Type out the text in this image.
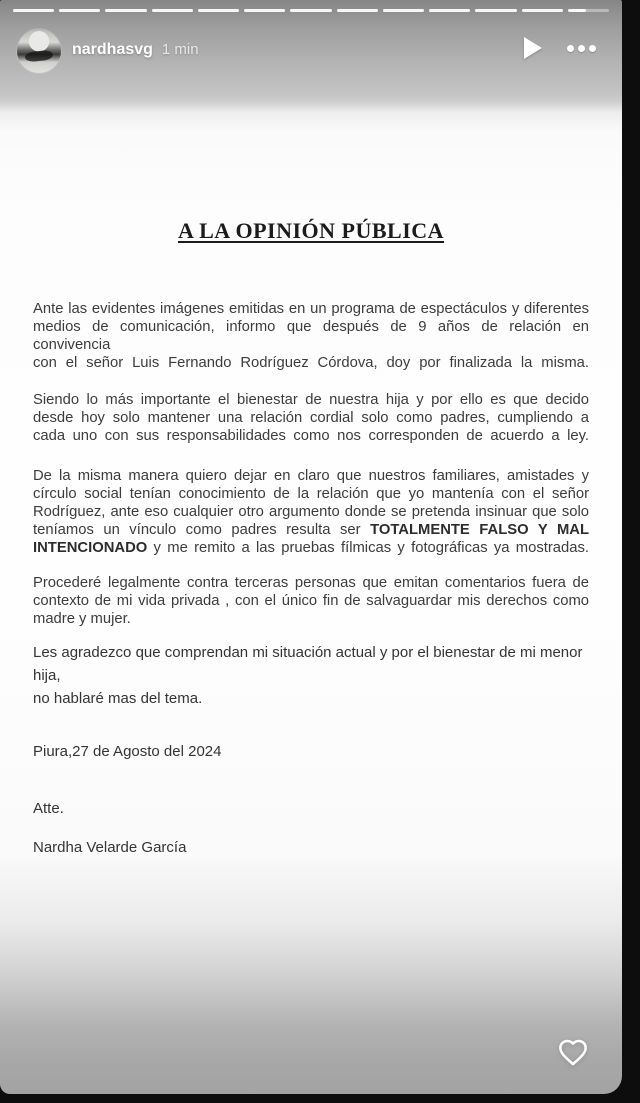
nardhasvg 1 min
A LA OPINIÓN PÚBLICA
Ante las evidentes imágenes emitidas en un programa de espectáculos y diferentes
medios de comunicación, informo que después de 9 años de relación en convivencia
con el señor Luis Fernando Rodríguez Córdova, doy por finalizada la misma.
Siendo lo más importante el bienestar de nuestra hija y por ello es que decido
desde hoy solo mantener una relación cordial solo como padres, cumpliendo a
cada uno con sus responsabilidades como nos corresponden de acuerdo a ley.
De la misma manera quiero dejar en claro que nuestros familiares, amistades y
círculo social tenían conocimiento de la relación que yo mantenía con el señor
Rodríguez, ante eso cualquier otro argumento donde se pretenda insinuar que solo
teníamos un vínculo como padres resulta ser TOTALMENTE FALSO Y MAL
INTENCIONADO y me remito a las pruebas fílmicas y fotográficas ya mostradas.
Procederé legalmente contra terceras personas que emitan comentarios fuera de
contexto de mi vida privada , con el único fin de salvaguardar mis derechos como
madre y mujer.
Les agradezco que comprendan mi situación actual y por el bienestar de mi menor hija,
no hablaré mas del tema.
Piura,27 de Agosto del 2024
Atte.
Nardha Velarde García
